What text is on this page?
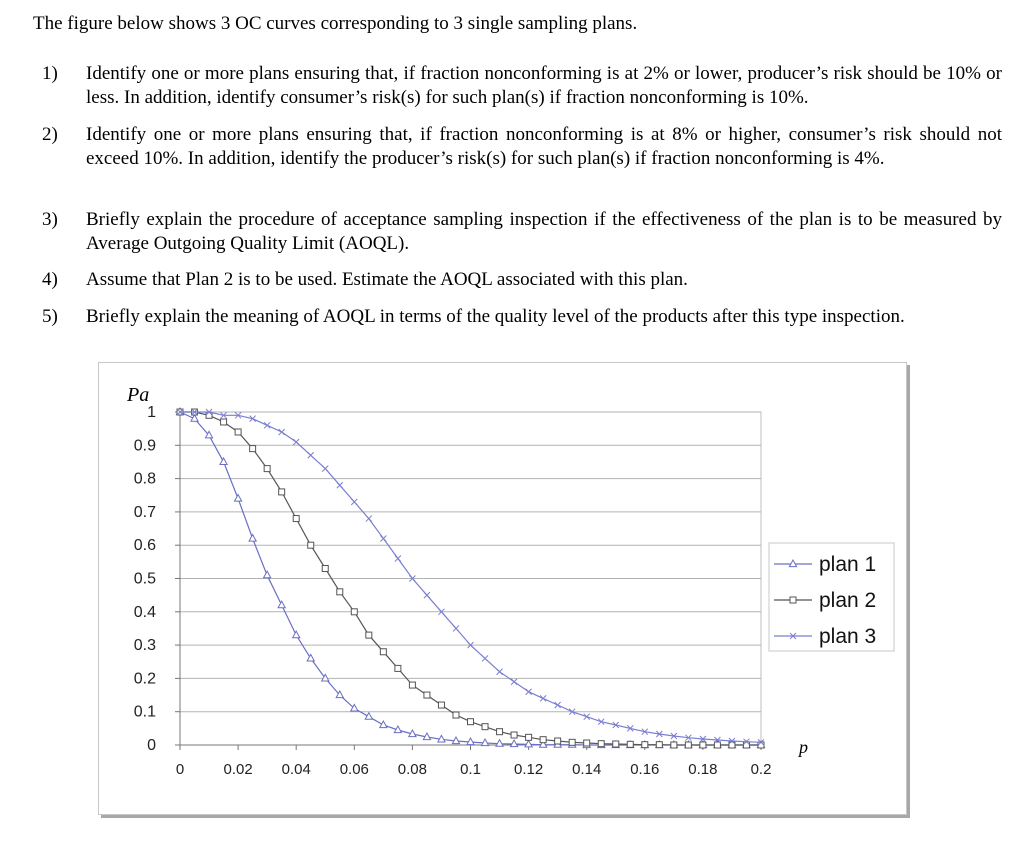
The figure below shows 3 OC curves corresponding to 3 single sampling plans.
1)	Identify one or more plans ensuring that, if fraction nonconforming is at 2% or lower, producer’s risk should be 10% or less. In addition, identify consumer’s risk(s) for such plan(s) if fraction nonconforming is 10%.
2)	Identify one or more plans ensuring that, if fraction nonconforming is at 8% or higher, consumer’s risk should not exceed 10%. In addition, identify the producer’s risk(s) for such plan(s) if fraction nonconforming is 4%.
3)	Briefly explain the procedure of acceptance sampling inspection if the effectiveness of the plan is to be measured by Average Outgoing Quality Limit (AOQL).
4)	Assume that Plan 2 is to be used. Estimate the AOQL associated with this plan.
5)	Briefly explain the meaning of AOQL in terms of the quality level of the products after this type inspection.
0
0.1
0.2
0.3
0.4
0.5
0.6
0.7
0.8
0.9
1
0	0.02 0.04 0.06 0.08 0.1 0.12 0.14 0.16 0.18 0.2
plan 1
plan 2
plan 3
Pa
p
